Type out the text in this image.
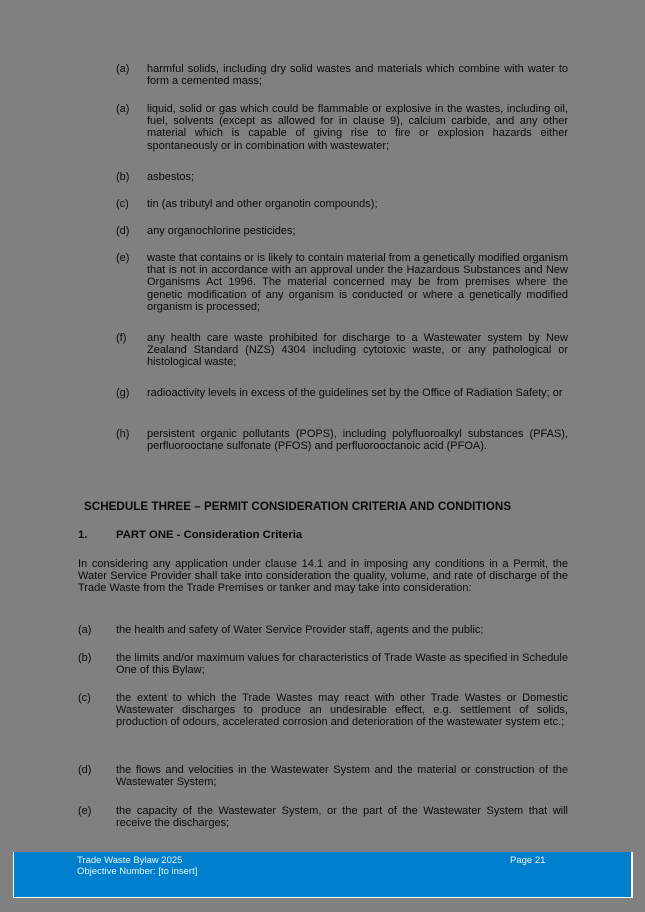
(a) harmful solids, including dry solid wastes and materials which combine with water to form a cemented mass;
(a) liquid, solid or gas which could be flammable or explosive in the wastes, including oil, fuel, solvents (except as allowed for in clause 9), calcium carbide, and any other material which is capable of giving rise to fire or explosion hazards either spontaneously or in combination with wastewater;
(b) asbestos;
(c) tin (as tributyl and other organotin compounds);
(d) any organochlorine pesticides;
(e) waste that contains or is likely to contain material from a genetically modified organism that is not in accordance with an approval under the Hazardous Substances and New Organisms Act 1996. The material concerned may be from premises where the genetic modification of any organism is conducted or where a genetically modified organism is processed;
(f) any health care waste prohibited for discharge to a Wastewater system by New Zealand Standard (NZS) 4304 including cytotoxic waste, or any pathological or histological waste;
(g) radioactivity levels in excess of the guidelines set by the Office of Radiation Safety; or
(h) persistent organic pollutants (POPS), including polyfluoroalkyl substances (PFAS), perfluorooctane sulfonate (PFOS) and perfluorooctanoic acid (PFOA).
SCHEDULE THREE – PERMIT CONSIDERATION CRITERIA AND CONDITIONS
1.	PART ONE - Consideration Criteria
In considering any application under clause 14.1 and in imposing any conditions in a Permit, the Water Service Provider shall take into consideration the quality, volume, and rate of discharge of the Trade Waste from the Trade Premises or tanker and may take into consideration:
(a) the health and safety of Water Service Provider staff, agents and the public;
(b) the limits and/or maximum values for characteristics of Trade Waste as specified in Schedule One of this Bylaw;
(c) the extent to which the Trade Wastes may react with other Trade Wastes or Domestic Wastewater discharges to produce an undesirable effect, e.g. settlement of solids, production of odours, accelerated corrosion and deterioration of the wastewater system etc.;
(d) the flows and velocities in the Wastewater System and the material or construction of the Wastewater System;
(e) the capacity of the Wastewater System, or the part of the Wastewater System that will receive the discharges;
Trade Waste Bylaw 2025
Objective Number: [to insert]
Page 21
